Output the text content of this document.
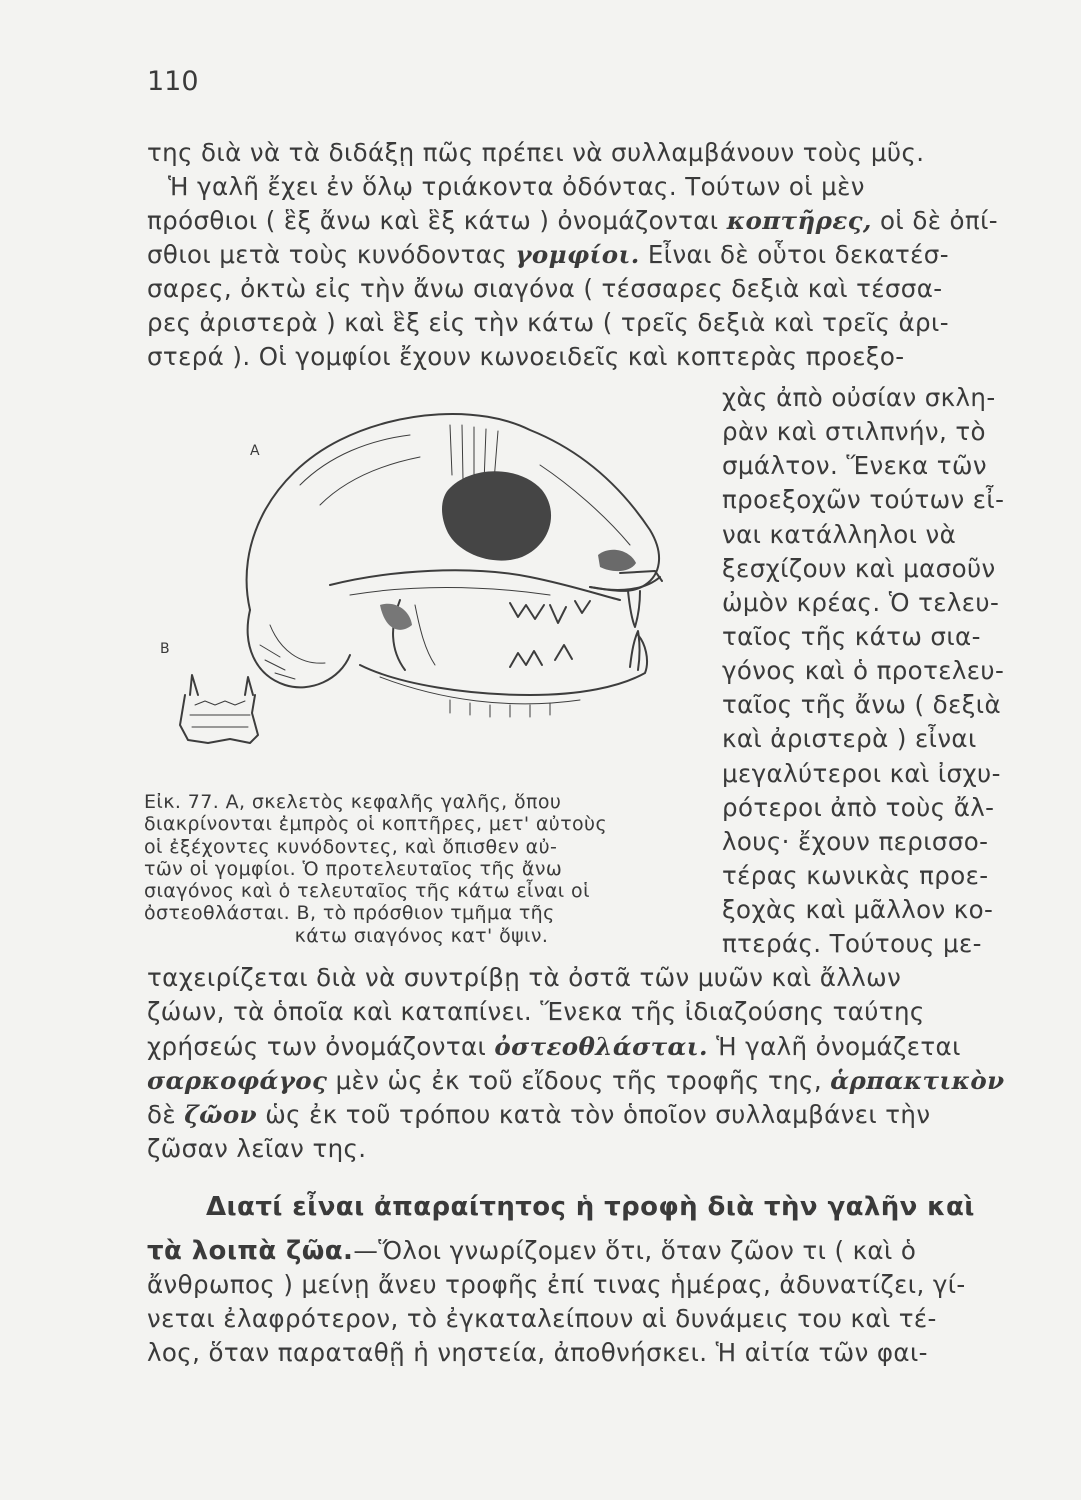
110
της διὰ νὰ τὰ διδάξῃ πῶς πρέπει νὰ συλλαμβάνουν τοὺς μῦς.
Ἡ γαλῆ ἔχει ἐν ὅλῳ τριάκοντα ὀδόντας. Τούτων οἱ μὲν
πρόσθιοι ( ἓξ ἄνω καὶ ἓξ κάτω ) ὀνομάζονται κοπτῆρες, οἱ δὲ ὀπί-
σθιοι μετὰ τοὺς κυνόδοντας γομφίοι. Εἶναι δὲ οὗτοι δεκατέσ-
σαρες, ὀκτὼ εἰς τὴν ἄνω σιαγόνα ( τέσσαρες δεξιὰ καὶ τέσσα-
ρες ἀριστερὰ ) καὶ ἓξ εἰς τὴν κάτω ( τρεῖς δεξιὰ καὶ τρεῖς ἀρι-
στερά ). Οἱ γομφίοι ἔχουν κωνοειδεῖς καὶ κοπτερὰς προεξο-
χὰς ἀπὸ οὐσίαν σκλη-
ρὰν καὶ στιλπνήν, τὸ
σμάλτον. Ἕνεκα τῶν
προεξοχῶν τούτων εἶ-
ναι κατάλληλοι νὰ
ξεσχίζουν καὶ μασοῦν
ὠμὸν κρέας. Ὁ τελευ-
ταῖος τῆς κάτω σια-
γόνος καὶ ὁ προτελευ-
ταῖος τῆς ἄνω ( δεξιὰ
καὶ ἀριστερὰ ) εἶναι
μεγαλύτεροι καὶ ἰσχυ-
ρότεροι ἀπὸ τοὺς ἄλ-
λους· ἔχουν περισσο-
τέρας κωνικὰς προε-
ξοχὰς καὶ μᾶλλον κο-
πτεράς. Τούτους με-
A
B
Εἰκ. 77. Α, σκελετὸς κεφαλῆς γαλῆς, ὅπου
διακρίνονται ἐμπρὸς οἱ κοπτῆρες, μετ' αὐτοὺς
οἱ ἐξέχοντες κυνόδοντες, καὶ ὄπισθεν αὐ-
τῶν οἱ γομφίοι. Ὁ προτελευταῖος τῆς ἄνω
σιαγόνος καὶ ὁ τελευταῖος τῆς κάτω εἶναι οἱ
ὀστεοθλάσται. Β, τὸ πρόσθιον τμῆμα τῆς
κάτω σιαγόνος κατ' ὄψιν.
ταχειρίζεται διὰ νὰ συντρίβῃ τὰ ὀστᾶ τῶν μυῶν καὶ ἄλλων
ζώων, τὰ ὁποῖα καὶ καταπίνει. Ἕνεκα τῆς ἰδιαζούσης ταύτης
χρήσεώς των ὀνομάζονται ὀστεοθλάσται. Ἡ γαλῆ ὀνομάζεται
σαρκοφάγος μὲν ὡς ἐκ τοῦ εἴδους τῆς τροφῆς της, ἁρπακτικὸν
δὲ ζῶον ὡς ἐκ τοῦ τρόπου κατὰ τὸν ὁποῖον συλλαμβάνει τὴν
ζῶσαν λεῖαν της.
Διατί εἶναι ἀπαραίτητος ἡ τροφὴ διὰ τὴν γαλῆν καὶ
τὰ λοιπὰ ζῶα.—Ὅλοι γνωρίζομεν ὅτι, ὅταν ζῶον τι ( καὶ ὁ
ἄνθρωπος ) μείνῃ ἄνευ τροφῆς ἐπί τινας ἡμέρας, ἀδυνατίζει, γί-
νεται ἐλαφρότερον, τὸ ἐγκαταλείπουν αἱ δυνάμεις του καὶ τέ-
λος, ὅταν παραταθῇ ἡ νηστεία, ἀποθνήσκει. Ἡ αἰτία τῶν φαι-
